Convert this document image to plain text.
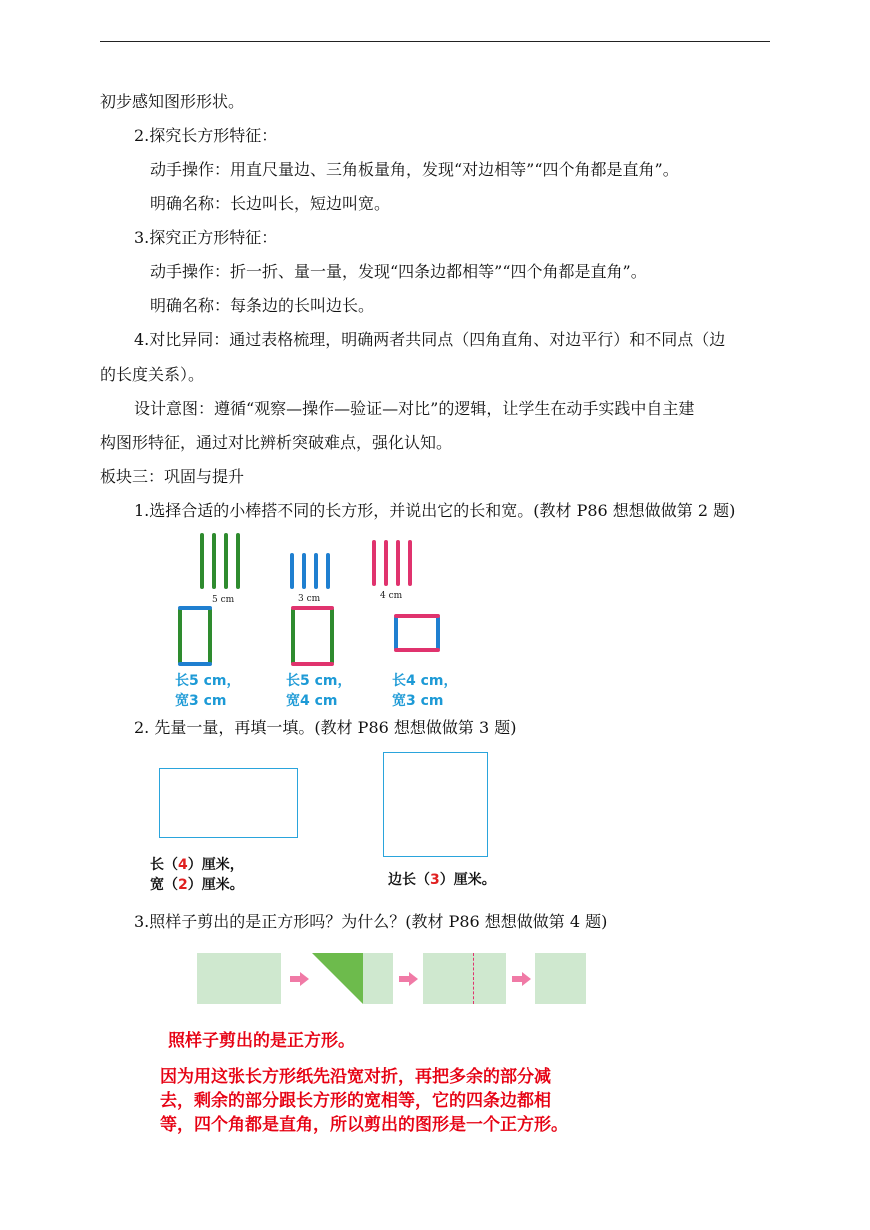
初步感知图形形状。
2.探究长方形特征：
动手操作：用直尺量边、三角板量角，发现“对边相等”“四个角都是直角”。
明确名称：长边叫长，短边叫宽。
3.探究正方形特征：
动手操作：折一折、量一量，发现“四条边都相等”“四个角都是直角”。
明确名称：每条边的长叫边长。
4.对比异同：通过表格梳理，明确两者共同点（四角直角、对边平行）和不同点（边
的长度关系）。
设计意图：遵循“观察—操作—验证—对比”的逻辑，让学生在动手实践中自主建
构图形特征，通过对比辨析突破难点，强化认知。
板块三：巩固与提升
1.选择合适的小棒搭不同的长方形，并说出它的长和宽。(教材 P86 想想做做第 2 题)
5 cm	3 cm	4 cm
长5 cm，
宽3 cm
长5 cm，
宽4 cm
长4 cm，
宽3 cm
2. 先量一量，再填一填。(教材 P86 想想做做第 3 题)
长（4）厘米，
宽（2）厘米。	边长（3）厘米。
3.照样子剪出的是正方形吗？为什么？(教材 P86 想想做做第 4 题)
照样子剪出的是正方形。
因为用这张长方形纸先沿宽对折，再把多余的部分减
去，剩余的部分跟长方形的宽相等，它的四条边都相
等，四个角都是直角，所以剪出的图形是一个正方形。
